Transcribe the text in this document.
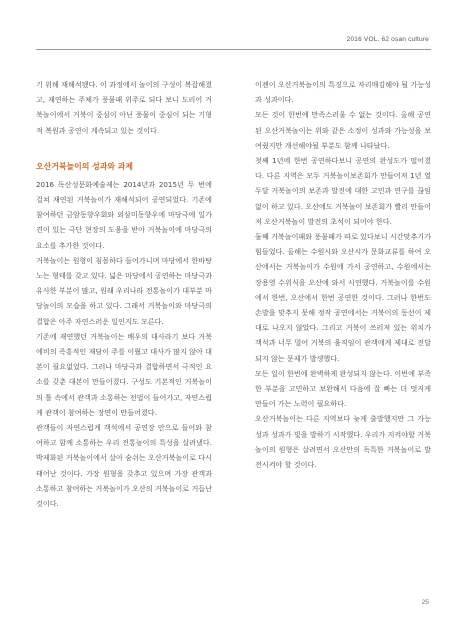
2016 VOL. 62 osan culture

기 위해 재해석됐다. 이 과정에서 놀이의 구성이 복잡해졌고, 재연하는 주체가 풍물패 위주로 되다 보니 도리어 거북놀이에서 거북이 중심이 아닌 풍물이 중심이 되는 기형적 복원과 공연이 계속되고 있는 것이다.

오산거북놀이의 성과와 과제

2016 독산성문화예술제는 2014년과 2015년 두 번에 걸쳐 재연된 거북놀이가 재해석되어 공연되었다. 기존에 참여하던 금암동향우회와 외삼미동향우에 마당극에 일가견이 있는 극단 현장의 도움을 받아 거북놀이에 마당극의 요소를 추가한 것이다.

거북놀이는 원형이 침몰하다 들어가니며 마당에서 한바탕 노는 형태를 갖고 있다. 넓은 마당에서 공연하는 마당극과 유사한 부분이 많고, 원래 우리나라 전통놀이가 대부분 마당놀이의 모습을 하고 있다. 그래서 거북놀이와 마당극의 결합은 아주 자연스러운 일인지도 모른다.

기존에 재연했던 거북놀이는 배우의 대사라기 보다 거북에비의 즉흥적인 재담이 주를 이뤘고 대사가 많지 않아 대본이 필요없었다. 그러나 마당극과 결합하면서 극적인 요소를 갖춘 대본이 만들어졌다. 구성도 기본적인 거북놀이의 틀 속에서 관객과 소통하는 전법이 들어가고, 자연스럽게 관객이 참여하는 장면이 만들어졌다.

관객들이 자연스럽게 객석에서 공연장 안으로 들어와 참여하고 함께 소통하는 우리 전통놀이의 특성을 살려냈다. 박제화된 거북놀이에서 살아 숨쉬는 오산거북놀이로 다시 태어난 것이다. 가장 원형을 갖추고 있으며 가장 관객과 소통하고 참여하는 거북놀이가 오산의 거북놀이로 거듭난 것이다.

이젠이 오산거북놀이의 특징으로 자리매김해야 될 가능성과 성과이다.

모든 것이 한번에 만족스러울 수 없는 것이다. 올해 공연된 오산거북놀이는 위와 같은 소정이 성과와 가능성을 보여줬지만 개선해야될 부분도 함께 나타났다.

첫째 1년에 한번 공연하다보니 공연의 완성도가 떨어졌다. 다른 지역은 모두 거북놀이보존회가 만들어져 1년 열두달 거북놀이의 보존과 발전에 대한 고민과 연구를 끊임없이 하고 있다. 오산에도 거북놀이 보존회가 빨리 만들어져 오산거북놀이 발전의 초석이 되어야 한다.

둘째 거북놀이패와 풍물패가 따로 있다보니 시간맞추기가 힘들었다. 올해는 수원시와 오산시가 문화교류를 하여 오산에서는 거북놀이가 수원에 가서 공연하고, 수원에서는 장용영 수위식을 오산에 와서 시연했다. 거북놀이를 수원에서 한번, 오산에서 한번 공연한 것이다. 그러나 한번도 손발을 맞추지 못해 정작 공연에서는 거북이의 동선이 제대로 나오지 않았다. 그리고 거북이 쓰러져 있는 위치가 객석과 너무 멀어 거북의 움직임이 관객에게 제대로 전달되지 않는 문제가 발생했다.

모든 일이 한번에 완벽하게 완성되지 않는다. 이번에 부족한 부분을 고민하고 보완해서 다음에 잘 빠는 더 멋지게 만들어 가는 노력이 필요하다.

오산거북놀이는 다른 지역보다 늦게 출발했지만 그 가능성과 성과가 빛을 발하기 시작했다. 우리가 지켜야할 거북놀이의 원형은 살려면서 오산만의 독특한 거북놀이로 발전시켜야 할 것이다.

25
